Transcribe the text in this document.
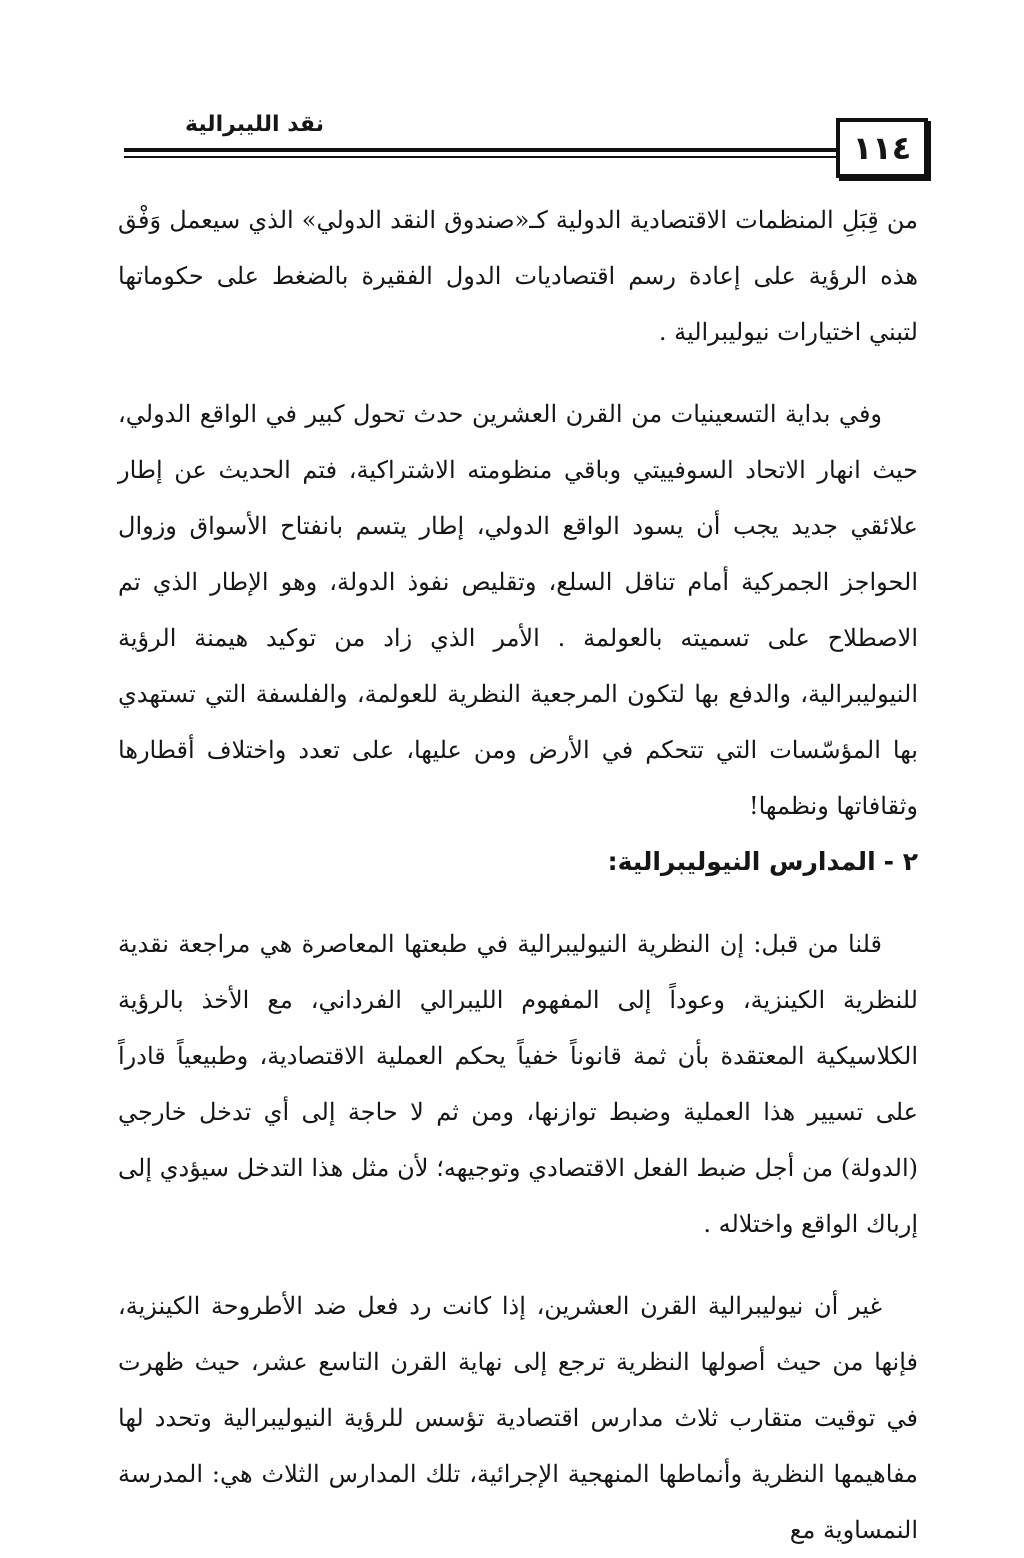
نقد الليبرالية
١١٤

من قِبَلِ المنظمات الاقتصادية الدولية كـ«صندوق النقد الدولي» الذي سيعمل وَفْق هذه الرؤية على إعادة رسم اقتصاديات الدول الفقيرة بالضغط على حكوماتها لتبني اختيارات نيوليبرالية .

وفي بداية التسعينيات من القرن العشرين حدث تحول كبير في الواقع الدولي، حيث انهار الاتحاد السوفييتي وباقي منظومته الاشتراكية، فتم الحديث عن إطار علائقي جديد يجب أن يسود الواقع الدولي، إطار يتسم بانفتاح الأسواق وزوال الحواجز الجمركية أمام تناقل السلع، وتقليص نفوذ الدولة، وهو الإطار الذي تم الاصطلاح على تسميته بالعولمة . الأمر الذي زاد من توكيد هيمنة الرؤية النيوليبرالية، والدفع بها لتكون المرجعية النظرية للعولمة، والفلسفة التي تستهدي بها المؤسّسات التي تتحكم في الأرض ومن عليها، على تعدد واختلاف أقطارها وثقافاتها ونظمها!

٢ -المدارس النيوليبرالية:

قلنا من قبل: إن النظرية النيوليبرالية في طبعتها المعاصرة هي مراجعة نقدية للنظرية الكينزية، وعوداً إلى المفهوم الليبرالي الفرداني، مع الأخذ بالرؤية الكلاسيكية المعتقدة بأن ثمة قانوناً خفياً يحكم العملية الاقتصادية، وطبيعياً قادراً على تسيير هذا العملية وضبط توازنها، ومن ثم لا حاجة إلى أي تدخل خارجي (الدولة) من أجل ضبط الفعل الاقتصادي وتوجيهه؛ لأن مثل هذا التدخل سيؤدي إلى إرباك الواقع واختلاله .

غير أن نيوليبرالية القرن العشرين، إذا كانت رد فعل ضد الأطروحة الكينزية، فإنها من حيث أصولها النظرية ترجع إلى نهاية القرن التاسع عشر، حيث ظهرت في توقيت متقارب ثلاث مدارس اقتصادية تؤسس للرؤية النيوليبرالية وتحدد لها مفاهيمها النظرية وأنماطها المنهجية الإجرائية، تلك المدارس الثلاث هي: المدرسة النمساوية مع
